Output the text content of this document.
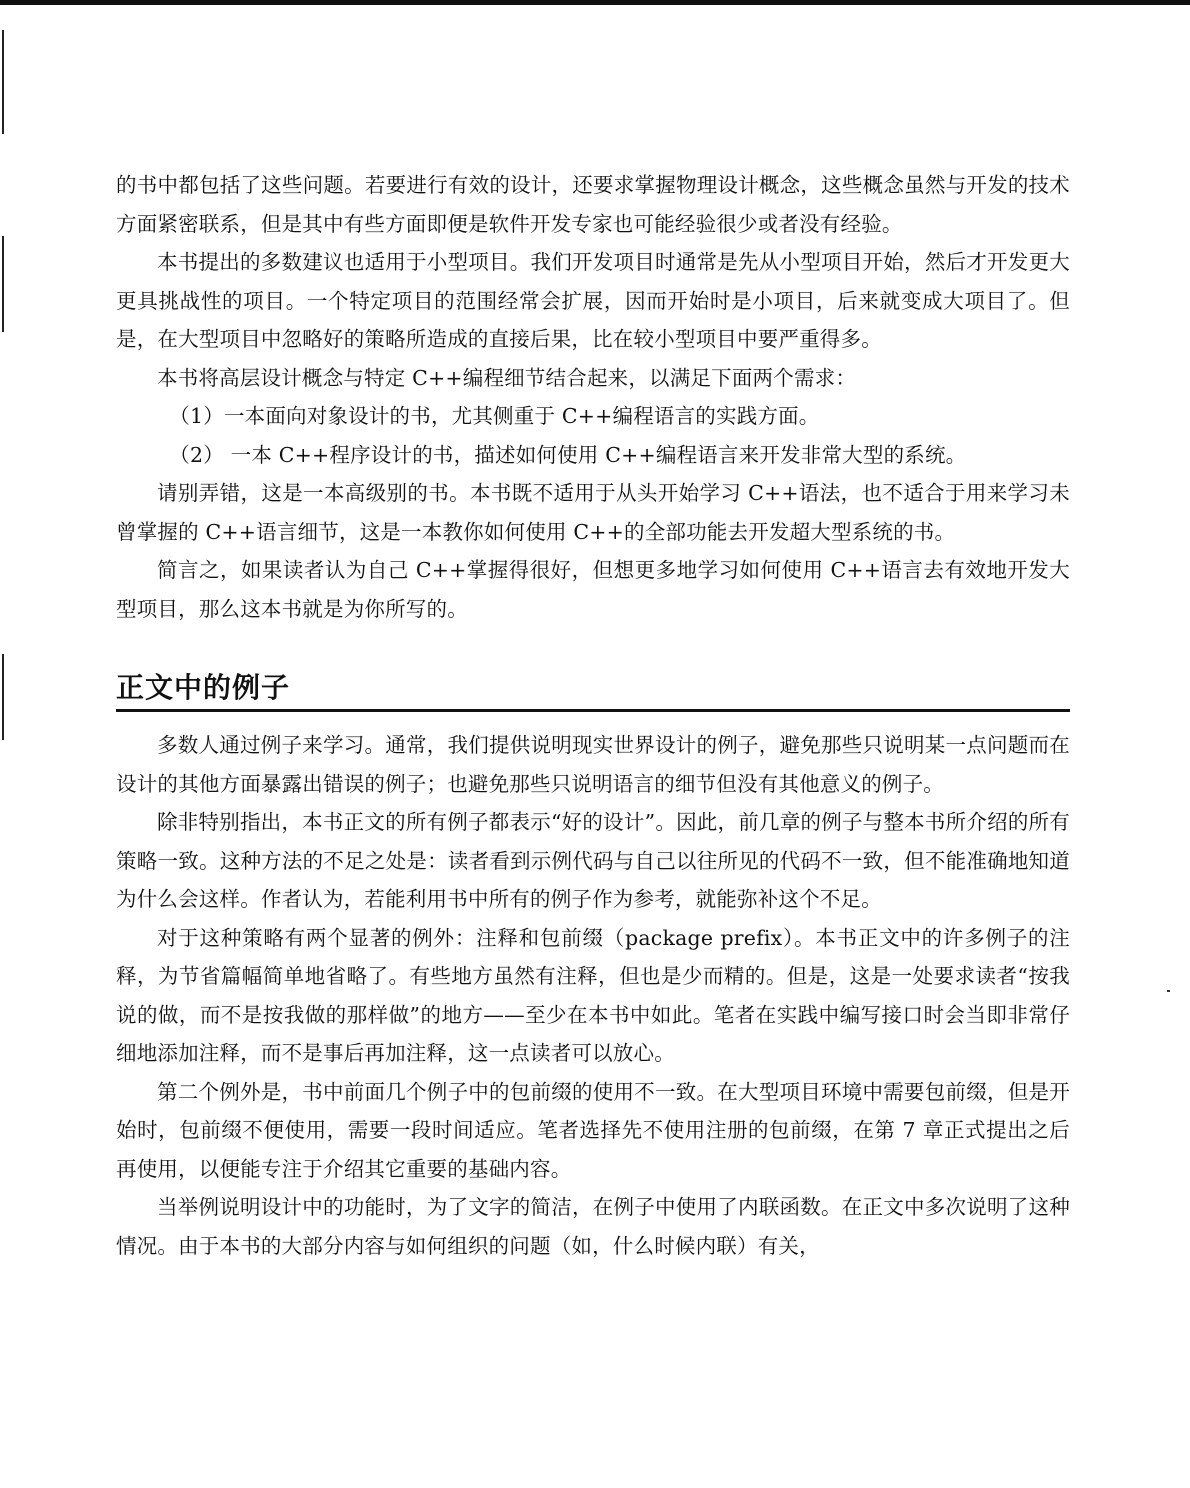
的书中都包括了这些问题。若要进行有效的设计，还要求掌握物理设计概念，这些概念虽然与开发的技术方面紧密联系，但是其中有些方面即便是软件开发专家也可能经验很少或者没有经验。

本书提出的多数建议也适用于小型项目。我们开发项目时通常是先从小型项目开始，然后才开发更大更具挑战性的项目。一个特定项目的范围经常会扩展，因而开始时是小项目，后来就变成大项目了。但是，在大型项目中忽略好的策略所造成的直接后果，比在较小型项目中要严重得多。

本书将高层设计概念与特定 C++编程细节结合起来，以满足下面两个需求：

（1）一本面向对象设计的书，尤其侧重于 C++编程语言的实践方面。

（2） 一本 C++程序设计的书，描述如何使用 C++编程语言来开发非常大型的系统。

请别弄错，这是一本高级别的书。本书既不适用于从头开始学习 C++语法，也不适合于用来学习未曾掌握的 C++语言细节，这是一本教你如何使用 C++的全部功能去开发超大型系统的书。

简言之，如果读者认为自己 C++掌握得很好，但想更多地学习如何使用 C++语言去有效地开发大型项目，那么这本书就是为你所写的。

正文中的例子

多数人通过例子来学习。通常，我们提供说明现实世界设计的例子，避免那些只说明某一点问题而在设计的其他方面暴露出错误的例子；也避免那些只说明语言的细节但没有其他意义的例子。

除非特别指出，本书正文的所有例子都表示“好的设计”。因此，前几章的例子与整本书所介绍的所有策略一致。这种方法的不足之处是：读者看到示例代码与自己以往所见的代码不一致，但不能准确地知道为什么会这样。作者认为，若能利用书中所有的例子作为参考，就能弥补这个不足。

对于这种策略有两个显著的例外：注释和包前缀（package prefix）。本书正文中的许多例子的注释，为节省篇幅简单地省略了。有些地方虽然有注释，但也是少而精的。但是，这是一处要求读者“按我说的做，而不是按我做的那样做”的地方——至少在本书中如此。笔者在实践中编写接口时会当即非常仔细地添加注释，而不是事后再加注释，这一点读者可以放心。

第二个例外是，书中前面几个例子中的包前缀的使用不一致。在大型项目环境中需要包前缀，但是开始时，包前缀不便使用，需要一段时间适应。笔者选择先不使用注册的包前缀，在第 7 章正式提出之后再使用，以便能专注于介绍其它重要的基础内容。

当举例说明设计中的功能时，为了文字的简洁，在例子中使用了内联函数。在正文中多次说明了这种情况。由于本书的大部分内容与如何组织的问题（如，什么时候内联）有关，
